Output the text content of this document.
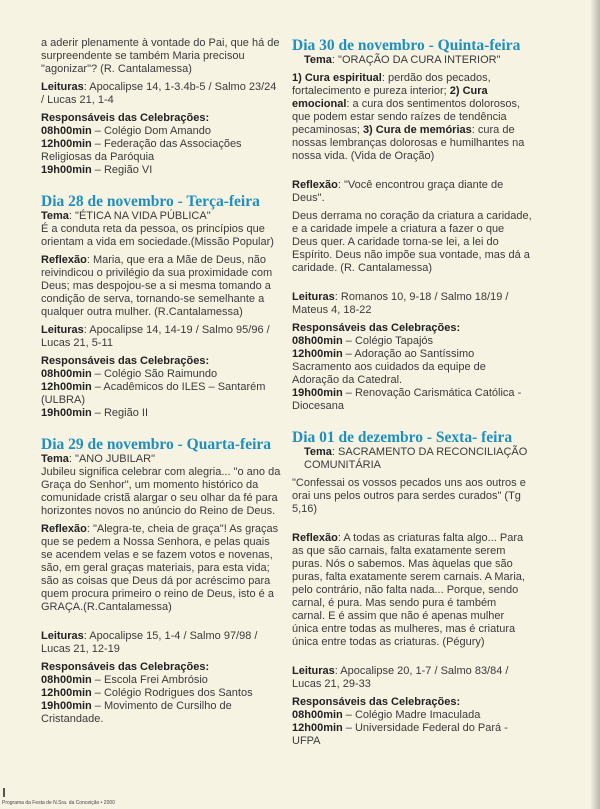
a aderir plenamente à vontade do Pai, que há de surpreendente se também Maria precisou "agonizar"? (R. Cantalamessa)

Leituras: Apocalipse 14, 1-3.4b-5 / Salmo 23/24 / Lucas 21, 1-4

Responsáveis das Celebrações:

08h00min – Colégio Dom Amando

12h00min – Federação das Associações Religiosas da Paróquia

19h00min – Região VI

Dia 28 de novembro - Terça-feira

Tema: "ÉTICA NA VIDA PÚBLICA"

É a conduta reta da pessoa, os princípios que orientam a vida em sociedade.(Missão Popular)

Reflexão: Maria, que era a Mãe de Deus, não reivindicou o privilégio da sua proximidade com Deus; mas despojou-se a si mesma tomando a condição de serva, tornando-se semelhante a qualquer outra mulher. (R.Cantalamessa)

Leituras: Apocalipse 14, 14-19 / Salmo 95/96 / Lucas 21, 5-11

Responsáveis das Celebrações:

08h00min – Colégio São Raimundo

12h00min – Acadêmicos do ILES – Santarém (ULBRA)

19h00min – Região II

Dia 29 de novembro - Quarta-feira

Tema: "ANO JUBILAR"

Jubileu significa celebrar com alegria... "o ano da Graça do Senhor", um momento histórico da comunidade cristã alargar o seu olhar da fé para horizontes novos no anúncio do Reino de Deus.

Reflexão: "Alegra-te, cheia de graça"! As graças que se pedem a Nossa Senhora, e pelas quais se acendem velas e se fazem votos e novenas, são, em geral graças materiais, para esta vida; são as coisas que Deus dá por acréscimo para quem procura primeiro o reino de Deus, isto é a GRAÇA.(R.Cantalamessa)

Leituras: Apocalipse 15, 1-4 / Salmo 97/98 / Lucas 21, 12-19

Responsáveis das Celebrações:

08h00min – Escola Frei Ambrósio

12h00min – Colégio Rodrigues dos Santos

19h00min – Movimento de Cursilho de Cristandade.

Dia 30 de novembro - Quinta-feira

Tema: "ORAÇÃO DA CURA INTERIOR"

1) Cura espiritual: perdão dos pecados, fortalecimento e pureza interior; 2) Cura emocional: a cura dos sentimentos dolorosos, que podem estar sendo raízes de tendência pecaminosas; 3) Cura de memórias: cura de nossas lembranças dolorosas e humilhantes na nossa vida. (Vida de Oração)

Reflexão: "Você encontrou graça diante de Deus".

Deus derrama no coração da criatura a caridade, e a caridade impele a criatura a fazer o que Deus quer. A caridade torna-se lei, a lei do Espírito. Deus não impõe sua vontade, mas dá a caridade. (R. Cantalamessa)

Leituras: Romanos 10, 9-18 / Salmo 18/19 / Mateus 4, 18-22

Responsáveis das Celebrações:

08h00min – Colégio Tapajós

12h00min – Adoração ao Santíssimo Sacramento aos cuidados da equipe de Adoração da Catedral.

19h00min – Renovação Carismática Católica - Diocesana

Dia 01 de dezembro - Sexta- feira

Tema: SACRAMENTO DA RECONCILIAÇÃO COMUNITÁRIA

"Confessai os vossos pecados uns aos outros e orai uns pelos outros para serdes curados" (Tg 5,16)

Reflexão: A todas as criaturas falta algo... Para as que são carnais, falta exatamente serem puras. Nós o sabemos. Mas àquelas que são puras, falta exatamente serem carnais. A Maria, pelo contrário, não falta nada... Porque, sendo carnal, é pura. Mas sendo pura é também carnal. E é assim que não é apenas mulher única entre todas as mulheres, mas é criatura única entre todas as criaturas. (Pégury)

Leituras: Apocalipse 20, 1-7 / Salmo 83/84 / Lucas 21, 29-33

Responsáveis das Celebrações:

08h00min – Colégio Madre Imaculada

12h00min – Universidade Federal do Pará - UFPA

Programa da Festa de N.Sra. da Conceição • 2000
